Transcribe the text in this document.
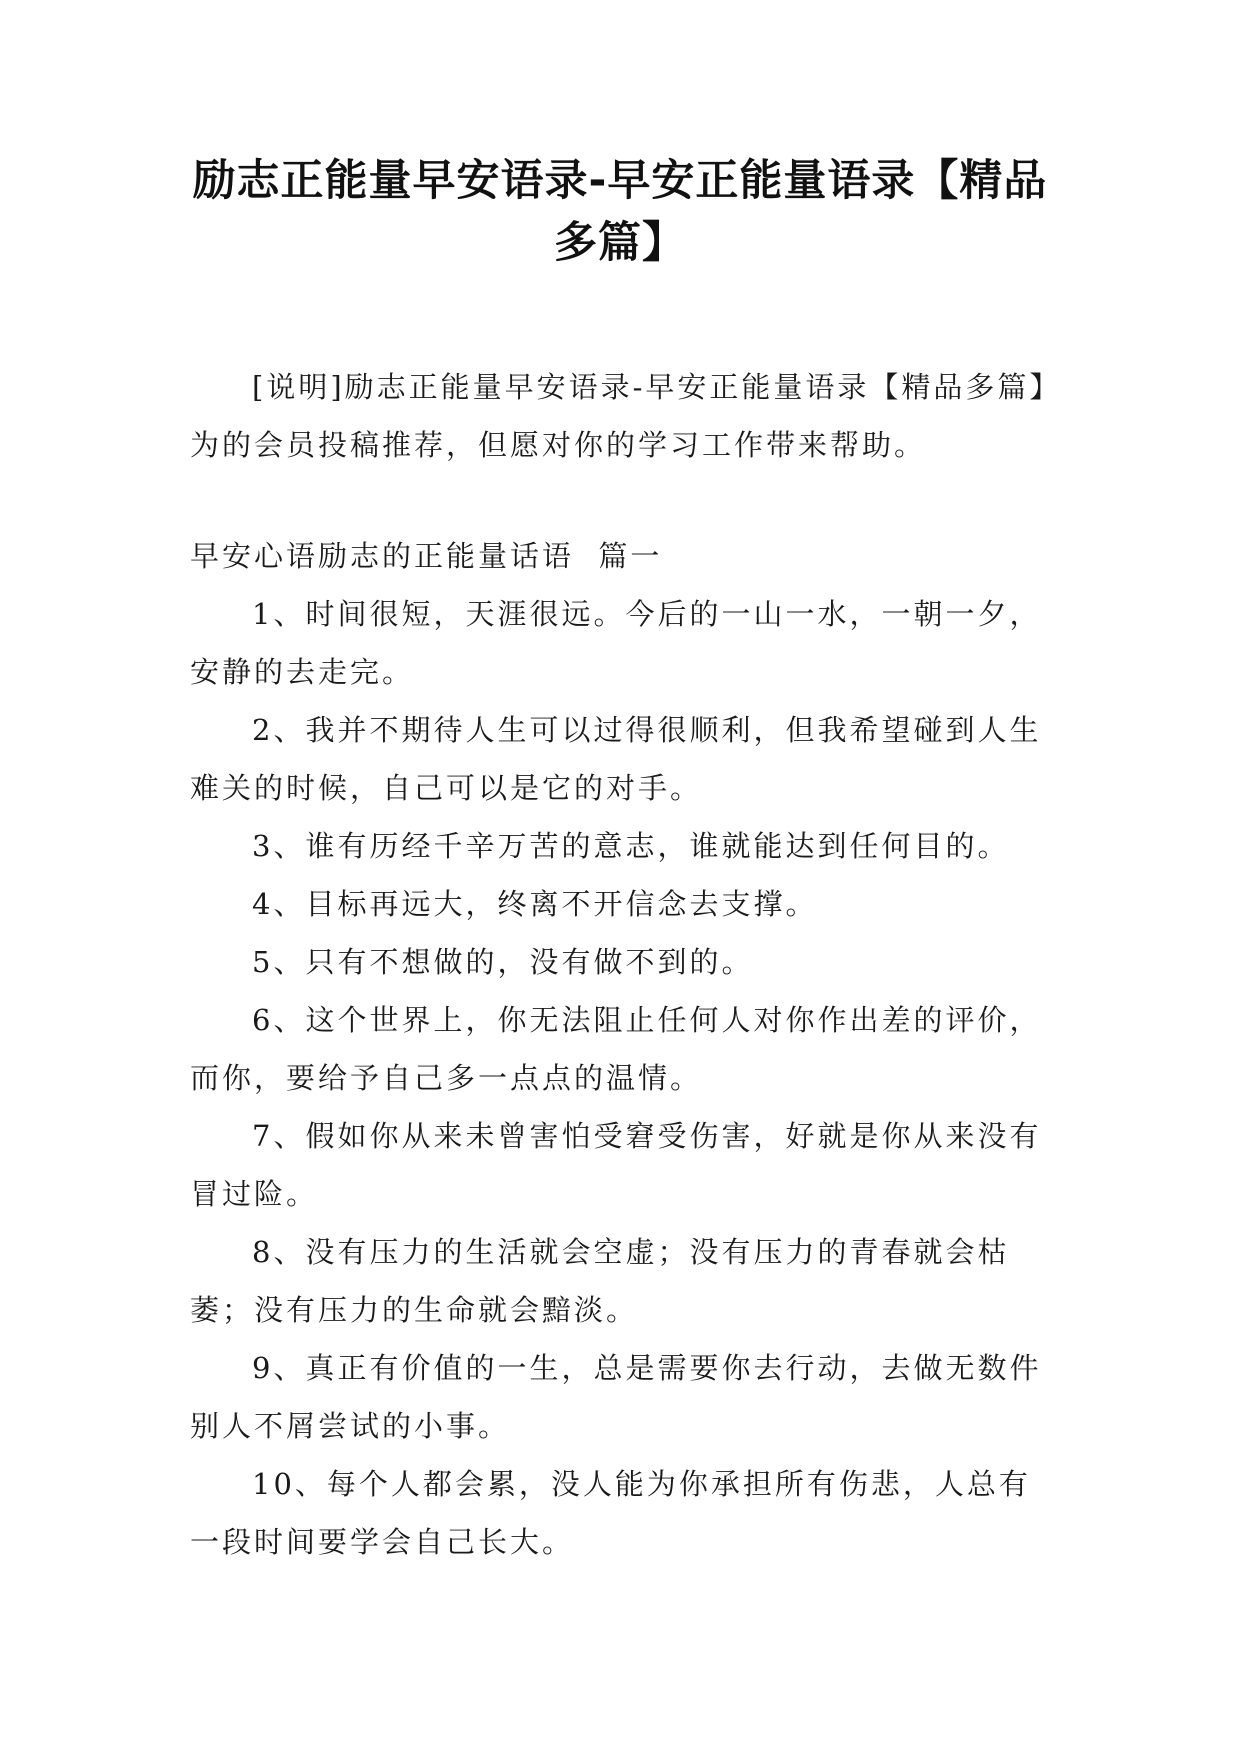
励志正能量早安语录-早安正能量语录【精品多篇】

[说明]励志正能量早安语录-早安正能量语录【精品多篇】为的会员投稿推荐，但愿对你的学习工作带来帮助。

早安心语励志的正能量话语  篇一

1、时间很短，天涯很远。今后的一山一水，一朝一夕，安静的去走完。

2、我并不期待人生可以过得很顺利，但我希望碰到人生难关的时候，自己可以是它的对手。

3、谁有历经千辛万苦的意志，谁就能达到任何目的。

4、目标再远大，终离不开信念去支撑。

5、只有不想做的，没有做不到的。

6、这个世界上，你无法阻止任何人对你作出差的评价，而你，要给予自己多一点点的温情。

7、假如你从来未曾害怕受窘受伤害，好就是你从来没有冒过险。

8、没有压力的生活就会空虚；没有压力的青春就会枯萎；没有压力的生命就会黯淡。

9、真正有价值的一生，总是需要你去行动，去做无数件别人不屑尝试的小事。

10、每个人都会累，没人能为你承担所有伤悲，人总有一段时间要学会自己长大。
